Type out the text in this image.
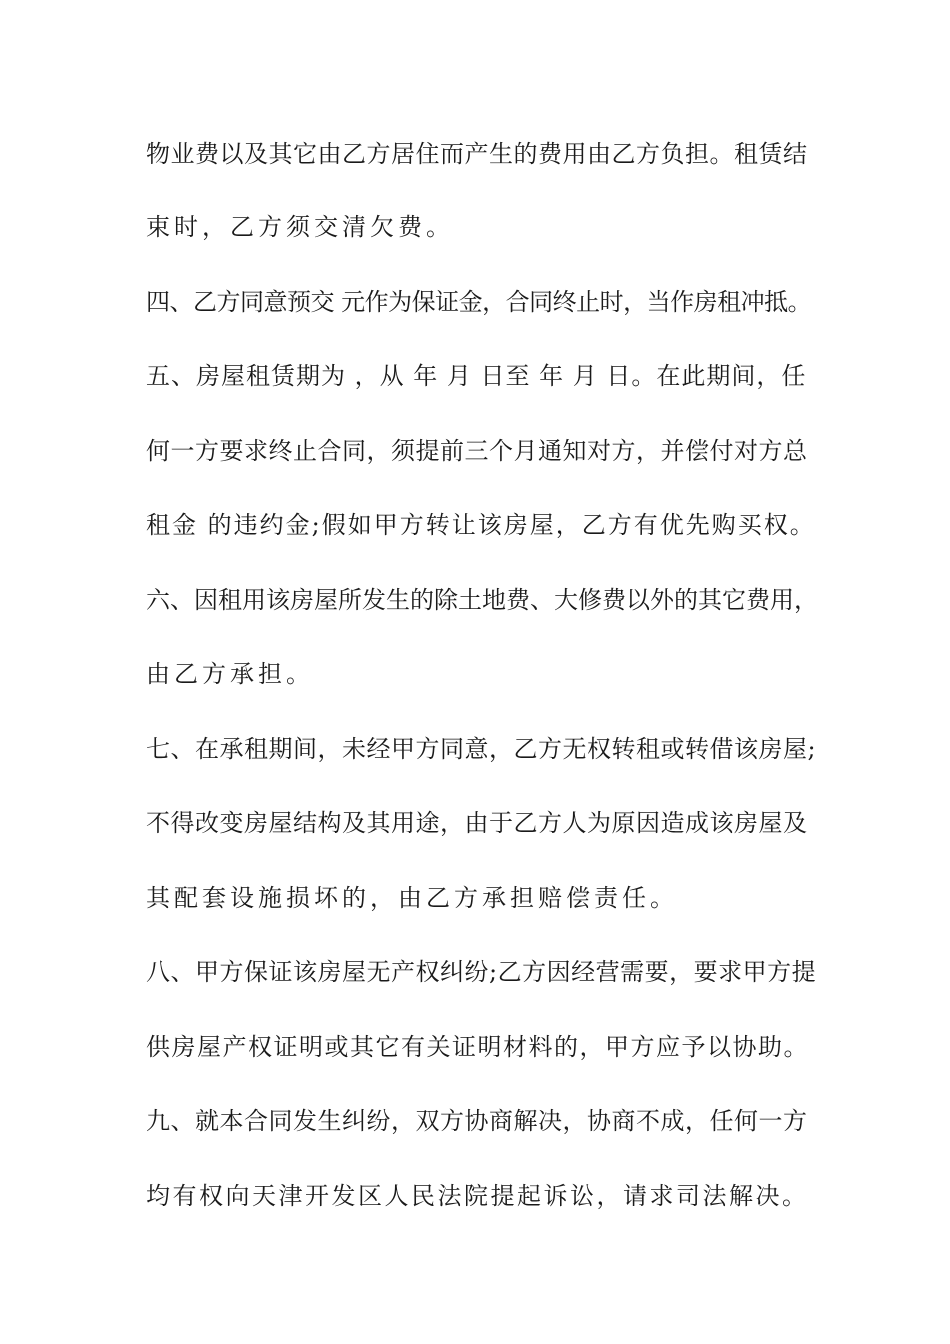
物业费以及其它由乙方居住而产生的费用由乙方负担。租赁结
束时，乙方须交清欠费。
四、乙方同意预交 元作为保证金，合同终止时，当作房租冲抵。
五、房屋租赁期为 ，从 年 月 日至 年 月 日。在此期间，任
何一方要求终止合同，须提前三个月通知对方，并偿付对方总
租金 的违约金;假如甲方转让该房屋，乙方有优先购买权。
六、因租用该房屋所发生的除土地费、大修费以外的其它费用，
由乙方承担。
七、在承租期间，未经甲方同意，乙方无权转租或转借该房屋;
不得改变房屋结构及其用途，由于乙方人为原因造成该房屋及
其配套设施损坏的，由乙方承担赔偿责任。
八、甲方保证该房屋无产权纠纷;乙方因经营需要，要求甲方提
供房屋产权证明或其它有关证明材料的，甲方应予以协助。
九、就本合同发生纠纷，双方协商解决，协商不成，任何一方
均有权向天津开发区人民法院提起诉讼，请求司法解决。
